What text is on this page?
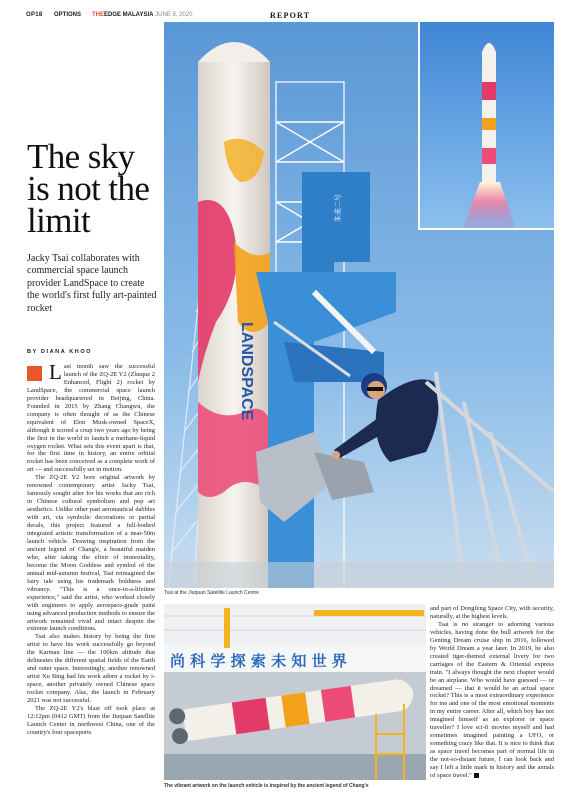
OP18 OPTIONS THEEDGE MALAYSIA JUNE 8, 2020	REPORT
LANDSPACE
朱雀二号
Tsai at the Jiuquan Satellite Launch Centre
尚 科 学 探 索 未 知 世 界
The vibrant artwork on the launch vehicle is inspired by the ancient legend of Chang'e
The sky is not the limit

Jacky Tsai collaborates with commercial space launch provider LandSpace to create the world's first fully art-painted rocket

BY DIANA KHOO

Last month saw the successful launch of the ZQ-2E Y2 (Zhuque 2 Enhanced, Flight 2) rocket by LandSpace, the commercial space launch provider headquartered in Beijing, China. Founded in 2015 by Zhang Changwu, the company is often thought of as the Chinese equivalent of Elon Musk-owned SpaceX, although it scored a coup two years ago by being the first in the world to launch a methane-liquid oxygen rocket. What sets this event apart is that, for the first time in history, an entire orbital rocket has been conceived as a complete work of art — and successfully set in motion.

The ZQ-2E Y2 bore original artwork by renowned contemporary artist Jacky Tsai, famously sought after for his works that are rich in Chinese cultural symbolism and pop art aesthetics. Unlike other past aeronautical dabbles with art, via symbolic decorations or partial decals, this project featured a full-bodied integrated artistic transformation of a near-50m launch vehicle. Drawing inspiration from the ancient legend of Chang'e, a beautiful maiden who, after taking the elixir of immortality, become the Moon Goddess and symbol of the annual mid-autumn festival, Tsai reimagined the fairy tale using his trademark boldness and vibrancy. "This is a once-in-a-lifetime experience," said the artist, who worked closely with engineers to apply aerospace-grade paint using advanced production methods to ensure the artwork remained vivid and intact despite the extreme launch conditions.

Tsai also makes history by being the first artist to have his work successfully go beyond the Karman line — the 100km altitude that delineates the different spatial fields of the Earth and outer space. Interestingly, another renowned artist Xu Bing had his work adorn a rocket by i-space, another privately owned Chinese space rocket company. Alas, the launch in February 2021 was not successful.

The ZQ-2E Y2's blast off took place at 12:12pm (0412 GMT) from the Jiuquan Satellite Launch Center in northwest China, one of the country's four spaceports

and part of Dongfeng Space City, with security, naturally, at the highest levels.

Tsai is no stranger to adorning various vehicles, having done the bull artwork for the Genting Dream cruise ship in 2016, followed by World Dream a year later. In 2019, he also created tiger-themed external livery for two carriages of the Eastern & Oriental express train. "I always thought the next chapter would be an airplane. Who would have guessed — or dreamed — that it would be an actual space rocket? This is a most extraordinary experience for me and one of the most emotional moments in my entire career. After all, which boy has not imagined himself as an explorer or space traveller? I love sci-fi movies myself and had sometimes imagined painting a UFO, or something crazy like that. It is nice to think that as space travel becomes part of normal life in the not-so-distant future, I can look back and say I left a little mark in history and the annals of space travel."
